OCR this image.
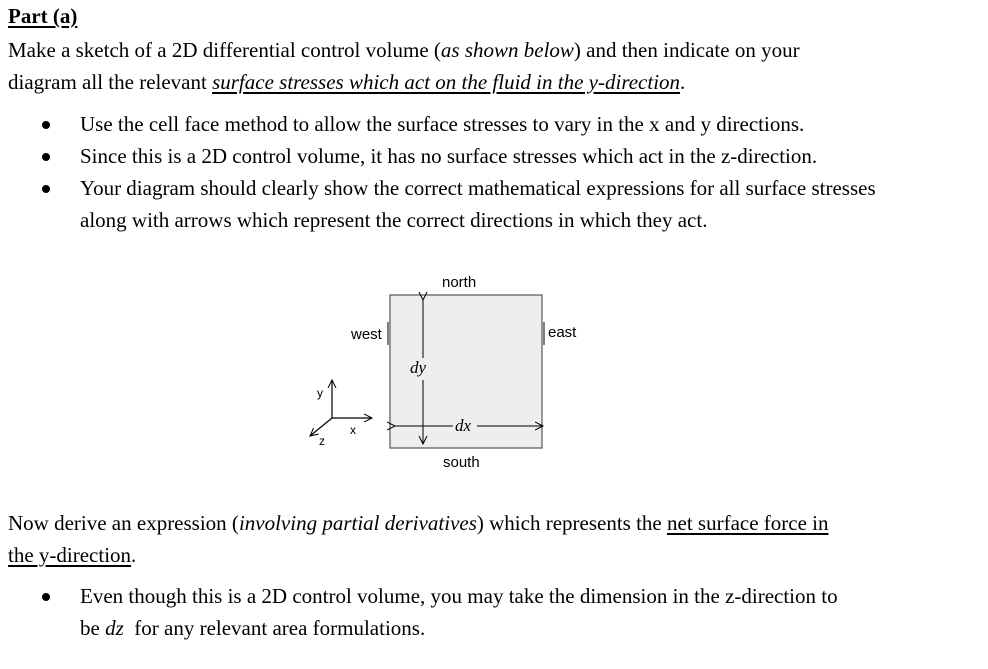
Part (a)
Make a sketch of a 2D differential control volume (as shown below) and then indicate on your
diagram all the relevant surface stresses which act on the fluid in the y-direction.
Use the cell face method to allow the surface stresses to vary in the x and y directions.
Since this is a 2D control volume, it has no surface stresses which act in the z-direction.
Your diagram should clearly show the correct mathematical expressions for all surface stresses along with arrows which represent the correct directions in which they act.
north
south
west	east
dy
dx
y
x
z
Now derive an expression (involving partial derivatives) which represents the net surface force in
the y-direction.
Even though this is a 2D control volume, you may take the dimension in the z-direction to
be dz  for any relevant area formulations.
